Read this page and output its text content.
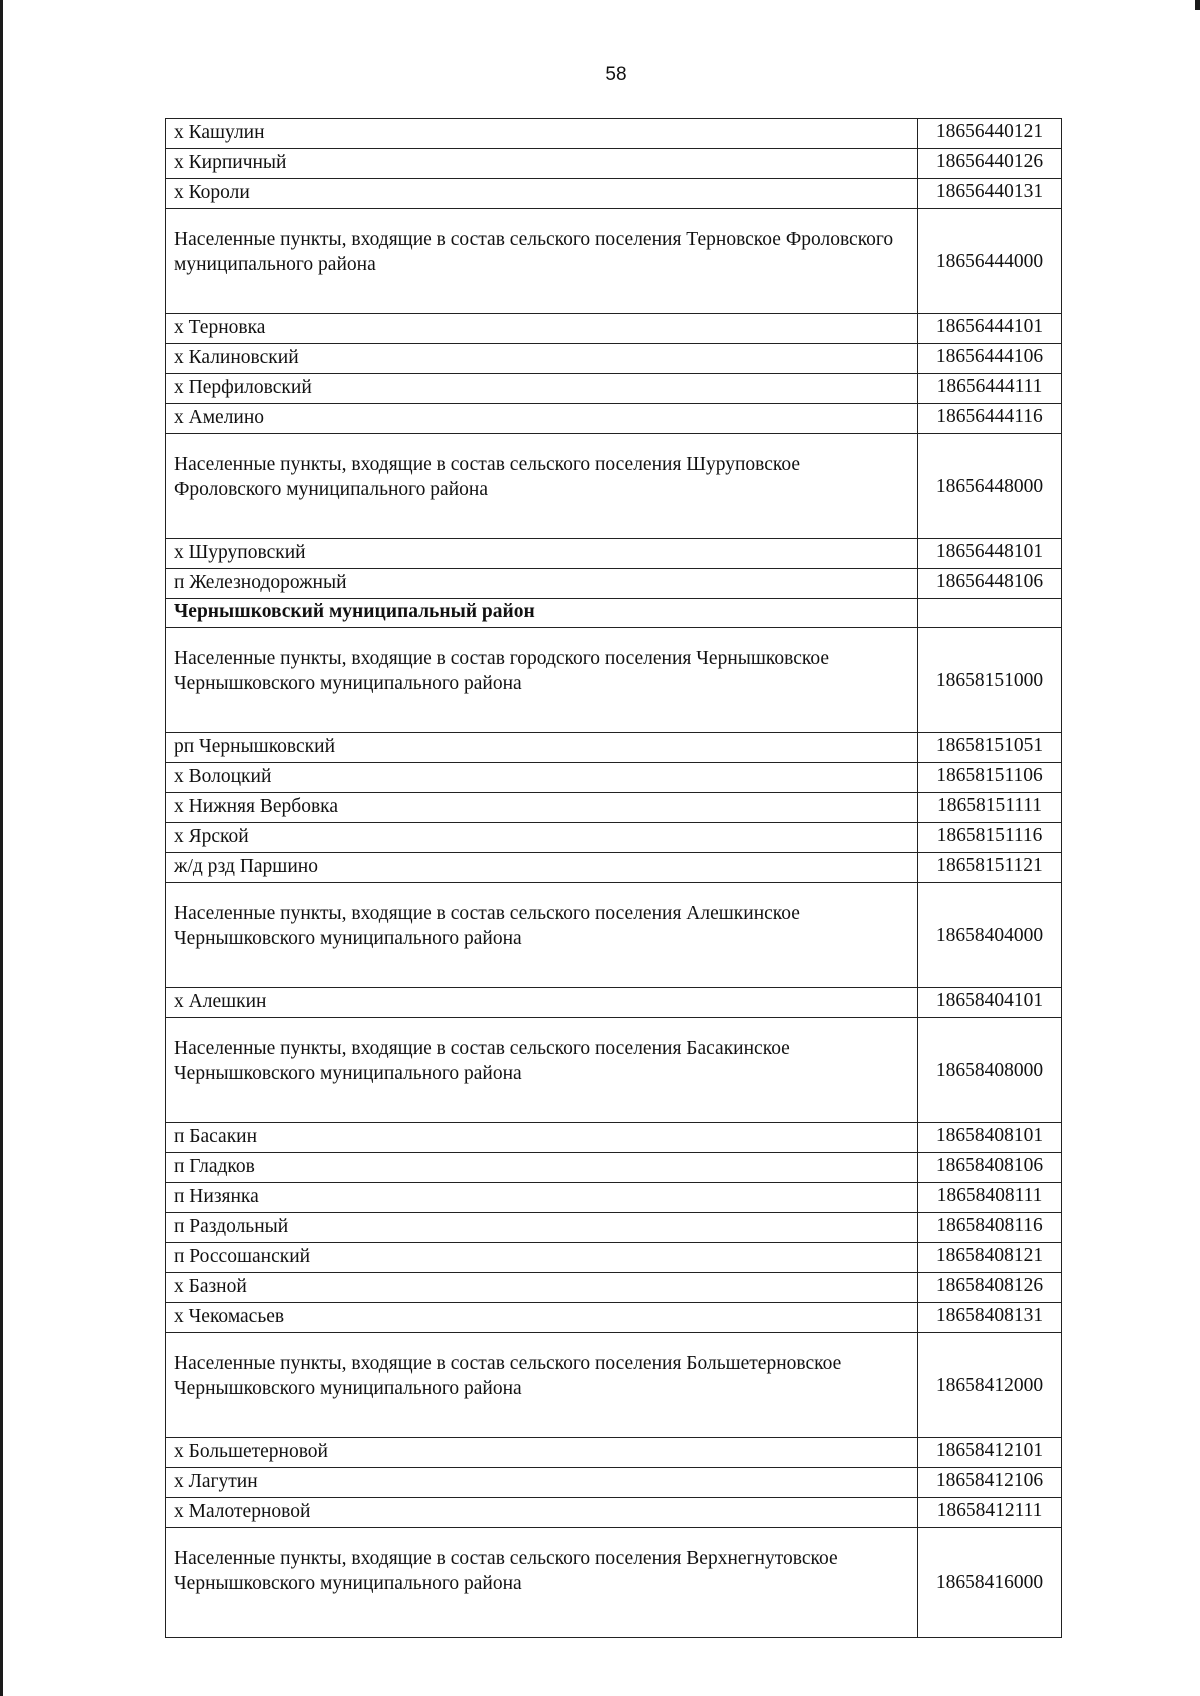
58
х Кашулин	18656440121
х Кирпичный	18656440126
х Короли	18656440131
Населенные пункты, входящие в состав сельского поселения Терновское Фроловского муниципального района	18656444000
х Терновка	18656444101
х Калиновский	18656444106
х Перфиловский	18656444111
х Амелино	18656444116
Населенные пункты, входящие в состав сельского поселения Шуруповское Фроловского муниципального района	18656448000
х Шуруповский	18656448101
п Железнодорожный	18656448106
Чернышковский муниципальный район	
Населенные пункты, входящие в состав городского поселения Чернышковское Чернышковского муниципального района	18658151000
рп Чернышковский	18658151051
х Волоцкий	18658151106
х Нижняя Вербовка	18658151111
х Ярской	18658151116
ж/д рзд Паршино	18658151121
Населенные пункты, входящие в состав сельского поселения Алешкинское Чернышковского муниципального района	18658404000
х Алешкин	18658404101
Населенные пункты, входящие в состав сельского поселения Басакинское Чернышковского муниципального района	18658408000
п Басакин	18658408101
п Гладков	18658408106
п Низянка	18658408111
п Раздольный	18658408116
п Россошанский	18658408121
х Базной	18658408126
х Чекомасьев	18658408131
Населенные пункты, входящие в состав сельского поселения Большетерновское Чернышковского муниципального района	18658412000
х Большетерновой	18658412101
х Лагутин	18658412106
х Малотерновой	18658412111
Населенные пункты, входящие в состав сельского поселения Верхнегнутовское Чернышковского муниципального района	18658416000
